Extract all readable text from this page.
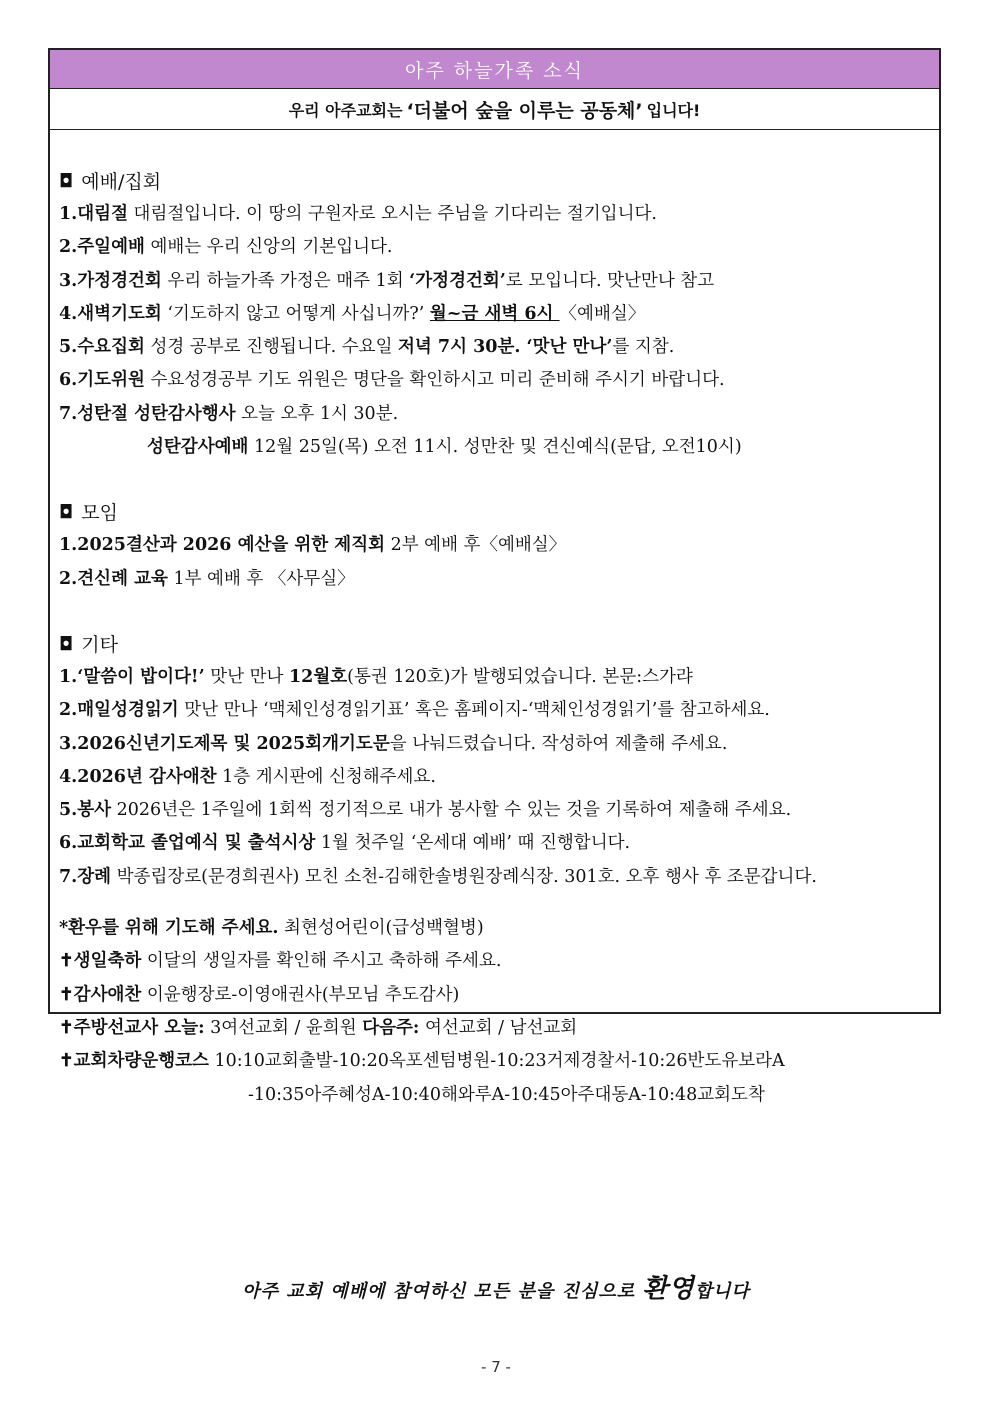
아주 하늘가족 소식
우리 아주교회는 ‘더불어 숲을 이루는 공동체’ 입니다!
◘ 예배/집회
1.대림절 대림절입니다. 이 땅의 구원자로 오시는 주님을 기다리는 절기입니다.
2.주일예배 예배는 우리 신앙의 기본입니다.
3.가정경건회 우리 하늘가족 가정은 매주 1회 ‘가정경건회’로 모입니다. 맛난만나 참고
4.새벽기도회 ‘기도하지 않고 어떻게 사십니까?’ 월~금 새벽 6시 〈예배실〉
5.수요집회 성경 공부로 진행됩니다. 수요일 저녁 7시 30분. ‘맛난 만나’를 지참.
6.기도위원 수요성경공부 기도 위원은 명단을 확인하시고 미리 준비해 주시기 바랍니다.
7.성탄절 성탄감사행사 오늘 오후 1시 30분.
성탄감사예배 12월 25일(목) 오전 11시. 성만찬 및 견신예식(문답, 오전10시)
◘ 모임
1.2025결산과 2026 예산을 위한 제직회 2부 예배 후〈예배실〉
2.견신례 교육 1부 예배 후 〈사무실〉
◘ 기타
1.‘말씀이 밥이다!’ 맛난 만나 12월호(통권 120호)가 발행되었습니다. 본문:스가랴
2.매일성경읽기 맛난 만나 ‘맥체인성경읽기표’ 혹은 홈페이지-‘맥체인성경읽기’를 참고하세요.
3.2026신년기도제목 및 2025회개기도문을 나눠드렸습니다. 작성하여 제출해 주세요.
4.2026년 감사애찬 1층 게시판에 신청해주세요.
5.봉사 2026년은 1주일에 1회씩 정기적으로 내가 봉사할 수 있는 것을 기록하여 제출해 주세요.
6.교회학교 졸업예식 및 출석시상 1월 첫주일 ‘온세대 예배’ 때 진행합니다.
7.장례 박종립장로(문경희권사) 모친 소천-김해한솔병원장례식장. 301호. 오후 행사 후 조문갑니다.
*환우를 위해 기도해 주세요. 최현성어린이(급성백혈병)
✝생일축하 이달의 생일자를 확인해 주시고 축하해 주세요.
✝감사애찬 이윤행장로-이영애권사(부모님 추도감사)
✝주방선교사 오늘: 3여선교회 / 윤희원 다음주: 여선교회 / 남선교회
✝교회차량운행코스 10:10교회출발-10:20옥포센텀병원-10:23거제경찰서-10:26반도유보라A
-10:35아주혜성A-10:40해와루A-10:45아주대동A-10:48교회도착
아주 교회 예배에 참여하신 모든 분을 진심으로 환영합니다
- 7 -
